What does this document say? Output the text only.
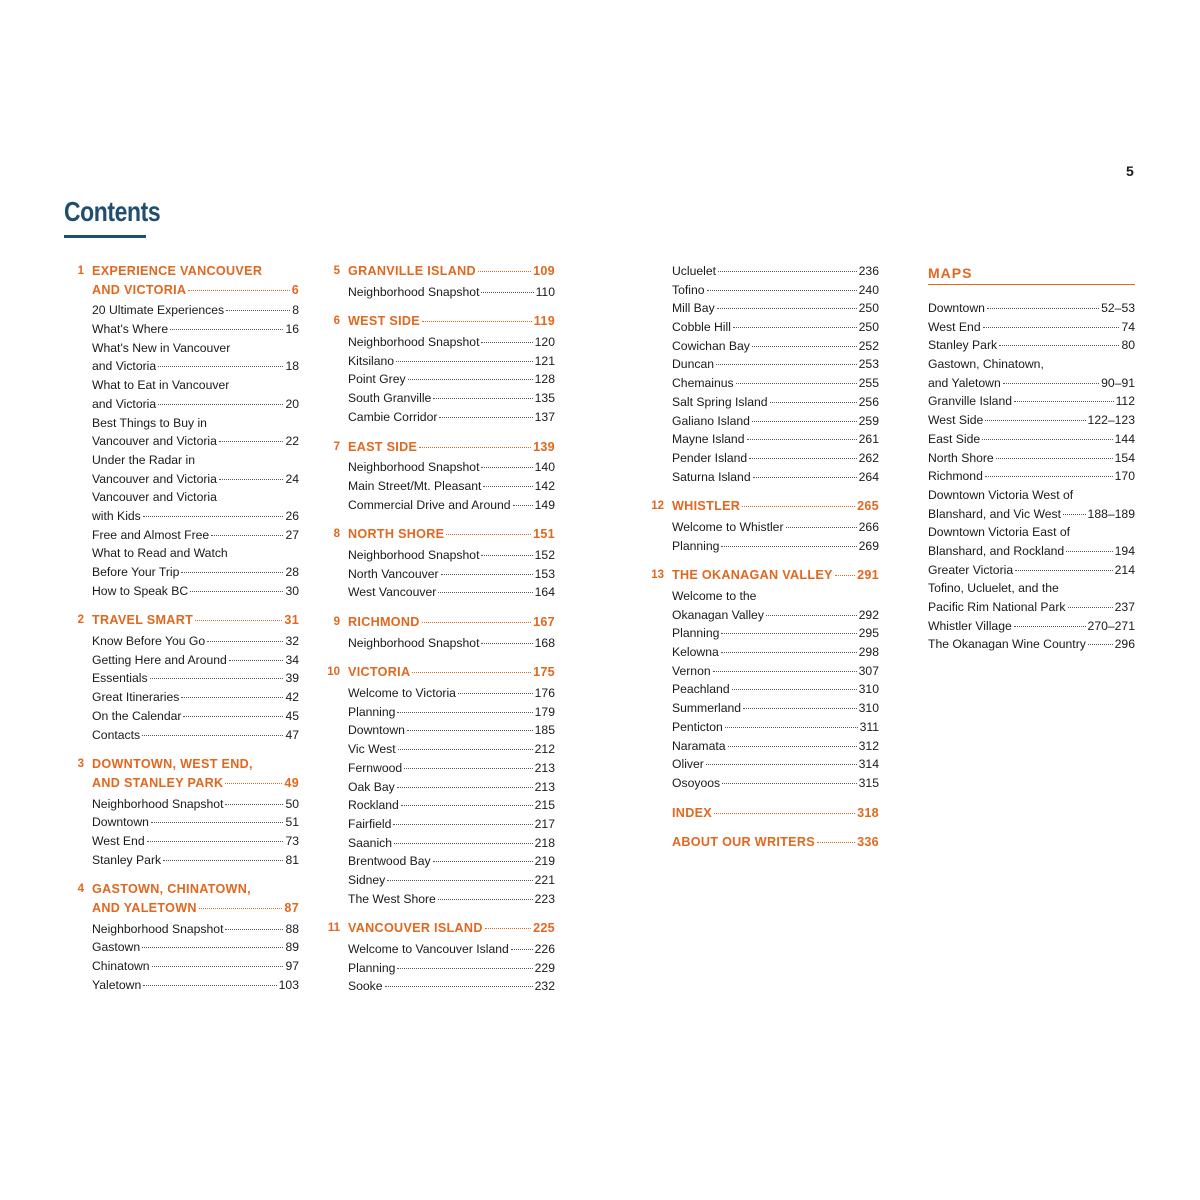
5
Contents
EXPERIENCE VANCOUVER
AND VICTORIA	6
1
20 Ultimate Experiences	8
What's Where	16
What's New in Vancouver
and Victoria	18
What to Eat in Vancouver
and Victoria	20
Best Things to Buy in
Vancouver and Victoria	22
Under the Radar in
Vancouver and Victoria	24
Vancouver and Victoria
with Kids	26
Free and Almost Free	27
What to Read and Watch
Before Your Trip	28
How to Speak BC	30
TRAVEL SMART	31
2
Know Before You Go	32
Getting Here and Around	34
Essentials	39
Great Itineraries	42
On the Calendar	45
Contacts	47
DOWNTOWN, WEST END,
AND STANLEY PARK	49
3
Neighborhood Snapshot	50
Downtown	51
West End	73
Stanley Park	81
GASTOWN, CHINATOWN,
AND YALETOWN	87
4
Neighborhood Snapshot	88
Gastown	89
Chinatown	97
Yaletown	103
GRANVILLE ISLAND	109
5
Neighborhood Snapshot	110
WEST SIDE	119
6
Neighborhood Snapshot	120
Kitsilano	121
Point Grey	128
South Granville	135
Cambie Corridor	137
EAST SIDE	139
7
Neighborhood Snapshot	140
Main Street/Mt. Pleasant	142
Commercial Drive and Around 149
NORTH SHORE	151
8
Neighborhood Snapshot	152
North Vancouver	153
West Vancouver	164
RICHMOND	167
9
Neighborhood Snapshot	168
VICTORIA	175
10
Welcome to Victoria	176
Planning	179
Downtown	185
Vic West	212
Fernwood	213
Oak Bay	213
Rockland	215
Fairfield	217
Saanich	218
Brentwood Bay	219
Sidney	221
The West Shore	223
VANCOUVER ISLAND	225
11
Welcome to Vancouver Island 226
Planning	229
Sooke	232
Ucluelet	236
Tofino	240
Mill Bay	250
Cobble Hill	250
Cowichan Bay	252
Duncan	253
Chemainus	255
Salt Spring Island	256
Galiano Island	259
Mayne Island	261
Pender Island	262
Saturna Island	264
WHISTLER	265
12
Welcome to Whistler	266
Planning	269
THE OKANAGAN VALLEY 291
13
Welcome to the
Okanagan Valley	292
Planning	295
Kelowna	298
Vernon	307
Peachland	310
Summerland	310
Penticton	311
Naramata	312
Oliver	314
Osoyoos	315
INDEX	318
ABOUT OUR WRITERS	336
MAPS
Downtown	52–53
West End	74
Stanley Park	80
Gastown, Chinatown,
and Yaletown	90–91
Granville Island	112
West Side	122–123
East Side	144
North Shore	154
Richmond	170
Downtown Victoria West of
Blanshard, and Vic West 188–189
Downtown Victoria East of
Blanshard, and Rockland	194
Greater Victoria	214
Tofino, Ucluelet, and the
Pacific Rim National Park	237
Whistler Village	270–271
The Okanagan Wine Country 296
